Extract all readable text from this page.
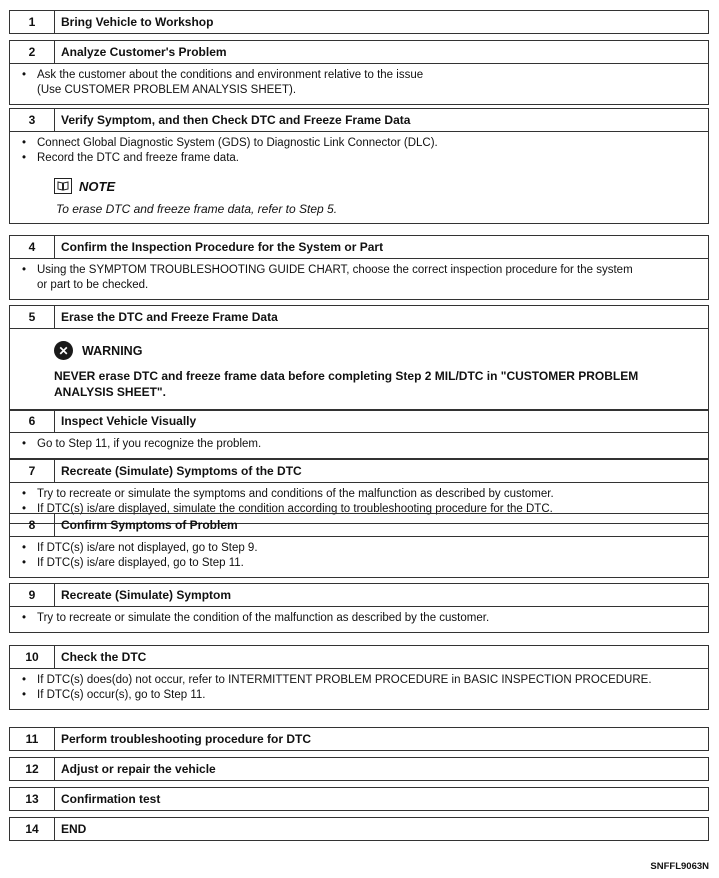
1	Bring Vehicle to Workshop
2	Analyze Customer's Problem
• Ask the customer about the conditions and environment relative to the issue
(Use CUSTOMER PROBLEM ANALYSIS SHEET).
3	Verify Symptom, and then Check DTC and Freeze Frame Data
• Connect Global Diagnostic System (GDS) to Diagnostic Link Connector (DLC).
• Record the DTC and freeze frame data.
NOTE
To erase DTC and freeze frame data, refer to Step 5.
4	Confirm the Inspection Procedure for the System or Part
• Using the SYMPTOM TROUBLESHOOTING GUIDE CHART, choose the correct inspection procedure for the system
or part to be checked.
5	Erase the DTC and Freeze Frame Data
✕	WARNING
NEVER erase DTC and freeze frame data before completing Step 2 MIL/DTC in "CUSTOMER PROBLEM
ANALYSIS SHEET".
6	Inspect Vehicle Visually
• Go to Step 11, if you recognize the problem.
7	Recreate (Simulate) Symptoms of the DTC
• Try to recreate or simulate the symptoms and conditions of the malfunction as described by customer.
• If DTC(s) is/are displayed, simulate the condition according to troubleshooting procedure for the DTC.
8	Confirm Symptoms of Problem
• If DTC(s) is/are not displayed, go to Step 9.
• If DTC(s) is/are displayed, go to Step 11.
9	Recreate (Simulate) Symptom
• Try to recreate or simulate the condition of the malfunction as described by the customer.
10	Check the DTC
• If DTC(s) does(do) not occur, refer to INTERMITTENT PROBLEM PROCEDURE in BASIC INSPECTION PROCEDURE.
• If DTC(s) occur(s), go to Step 11.
11	Perform troubleshooting procedure for DTC
12	Adjust or repair the vehicle
13	Confirmation test
14	END
SNFFL9063N
